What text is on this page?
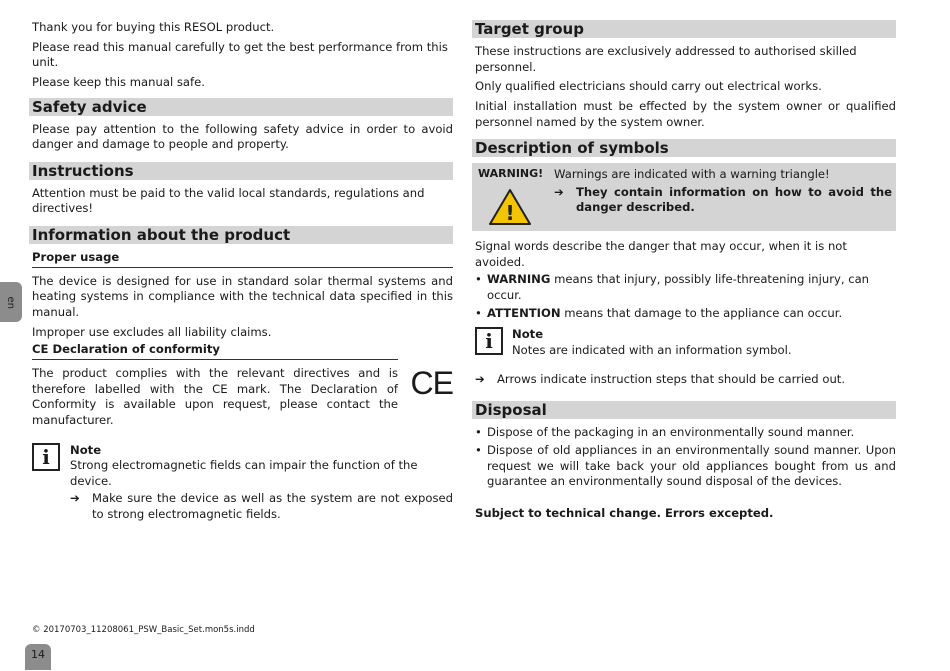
Thank you for buying this RESOL product.

Please read this manual carefully to get the best performance from this unit.

Please keep this manual safe.

Safety advice

Please pay attention to the following safety advice in order to avoid danger and damage to people and property.

Instructions

Attention must be paid to the valid local standards, regulations and directives!

Information about the product
Proper usage

The device is designed for use in standard solar thermal systems and heating systems in compliance with the technical data specified in this manual.

Improper use excludes all liability claims.

CE Declaration of conformity

The product complies with the relevant directives and is therefore labelled with the CE mark. The Declaration of Conformity is available upon request, please contact the manufacturer.

CE
i	Note
Strong electromagnetic fields can impair the function of the device.
➔	Make sure the device as well as the system are not exposed to strong electromagnetic fields.
Target group

These instructions are exclusively addressed to authorised skilled personnel.

Only qualified electricians should carry out electrical works.

Initial installation must be effected by the system owner or qualified personnel named by the system owner.

Description of symbols
WARNING!
!
Warnings are indicated with a warning triangle!
➔	They contain information on how to avoid the danger described.

Signal words describe the danger that may occur, when it is not avoided.

• WARNING means that injury, possibly life-threatening injury, can occur.
• ATTENTION means that damage to the appliance can occur.
i	Note
Notes are indicated with an information symbol.
➔	Arrows indicate instruction steps that should be carried out.
Disposal
• Dispose of the packaging in an environmentally sound manner.
• Dispose of old appliances in an environmentally sound manner. Upon request we will take back your old appliances bought from us and guarantee an environmentally sound disposal of the devices.

Subject to technical change. Errors excepted.

en
© 20170703_11208061_PSW_Basic_Set.mon5s.indd
14
